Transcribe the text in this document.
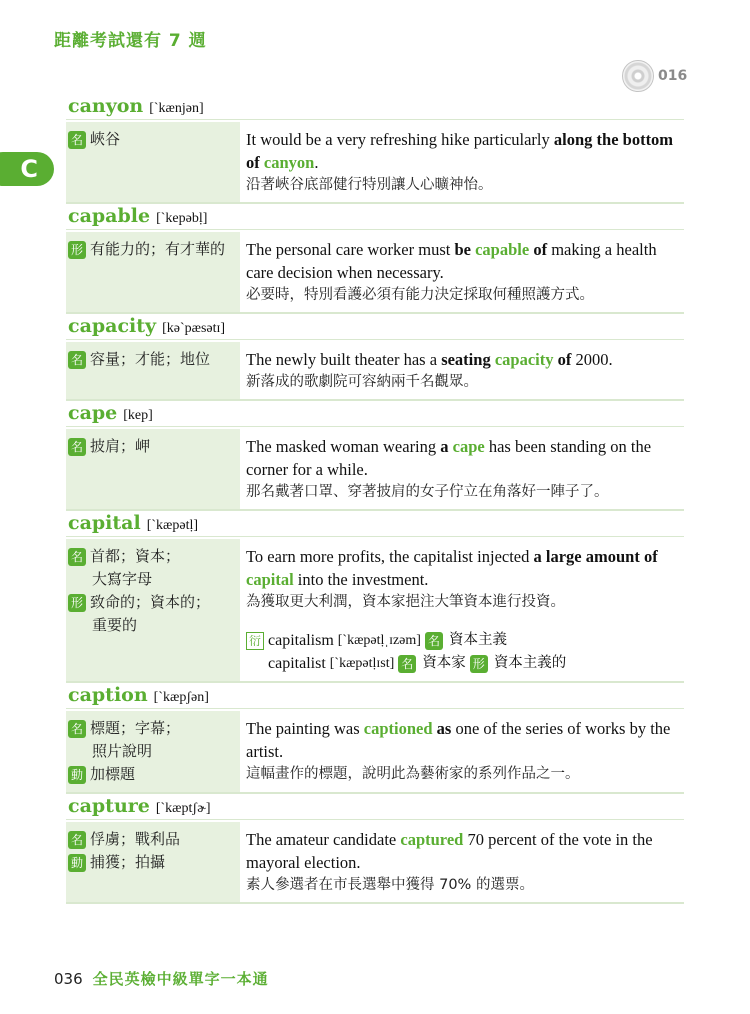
距離考試還有 7 週
016
C
canyon [ˋkænjən]
名 峽谷	It would be a very refreshing hike particularly along the bottom of canyon.
沿著峽谷底部健行特別讓人心曠神怡。
capable [ˋkepəbḷ]
形 有能力的；有才華的 The personal care worker must be capable of making a health care decision when necessary.
必要時，特別看護必須有能力決定採取何種照護方式。
capacity [kəˋpæsətɪ]
名 容量；才能；地位 The newly built theater has a seating capacity of 2000.
新落成的歌劇院可容納兩千名觀眾。
cape [kep]
名 披肩；岬	The masked woman wearing a cape has been standing on the corner for a while.
那名戴著口罩、穿著披肩的女子佇立在角落好一陣子了。
capital [ˋkæpətḷ]
名 首都；資本；
大寫字母
形 致命的；資本的；
重要的
To earn more profits, the capitalist injected a large amount of capital into the investment.
為獲取更大利潤，資本家挹注大筆資本進行投資。
衍 capitalism [ˋkæpətḷˌɪzəm] 名 資本主義
capitalist [ˋkæpətḷɪst] 名 資本家 形 資本主義的
caption [ˋkæpʃən]
名 標題；字幕；
照片說明
動 加標題
The painting was captioned as one of the series of works by the artist.
這幅畫作的標題，說明此為藝術家的系列作品之一。
capture [ˋkæptʃɚ]
名 俘虜；戰利品
動 捕獲；拍攝
The amateur candidate captured 70 percent of the vote in the mayoral election.
素人參選者在市長選舉中獲得 70% 的選票。
036 全民英檢中級單字一本通
